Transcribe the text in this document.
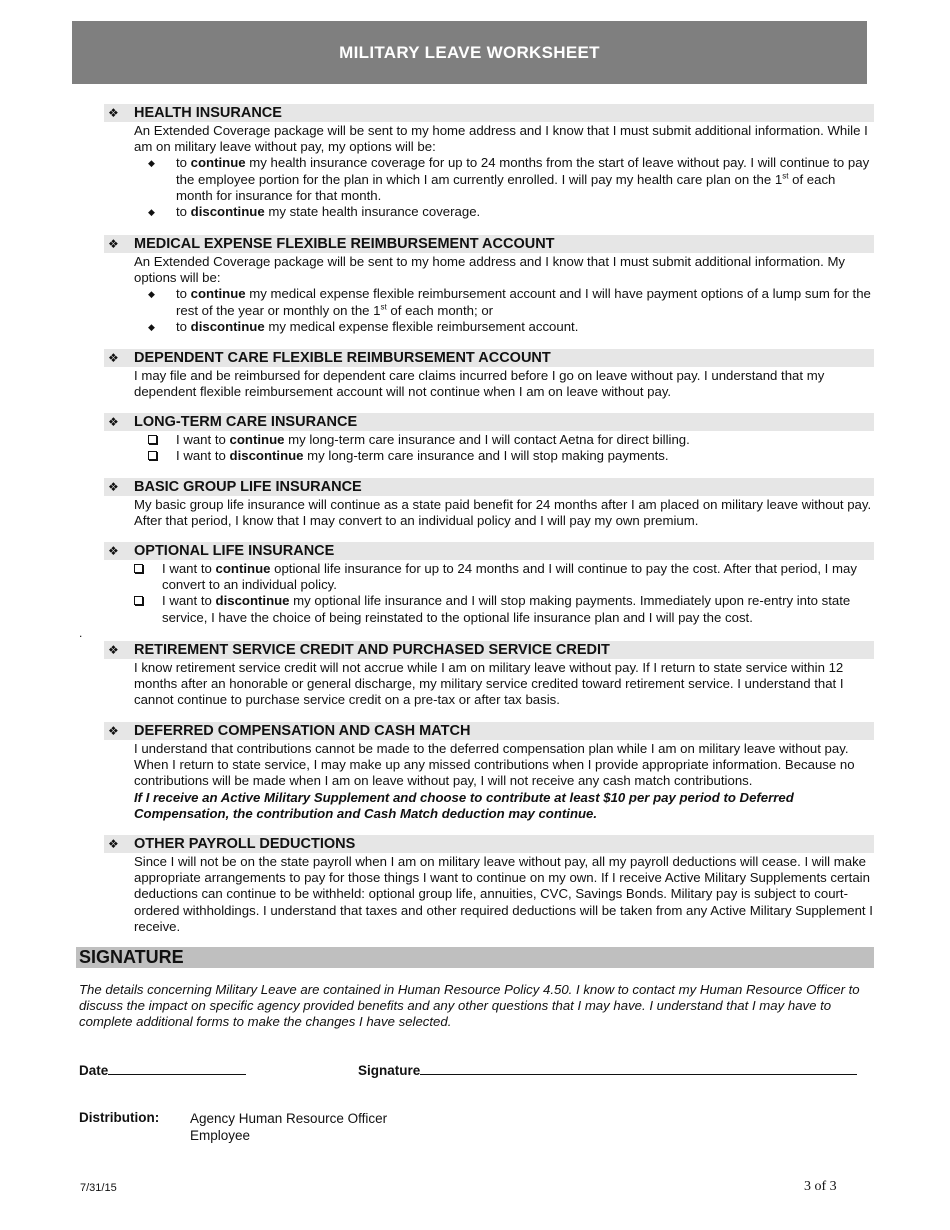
MILITARY LEAVE WORKSHEET
❖ HEALTH INSURANCE

An Extended Coverage package will be sent to my home address and I know that I must submit additional information. While I am on military leave without pay, my options will be:

◆ to continue my health insurance coverage for up to 24 months from the start of leave without pay. I will continue to pay the employee portion for the plan in which I am currently enrolled. I will pay my health care plan on the 1st of each month for insurance for that month.
◆ to discontinue my state health insurance coverage.
❖ MEDICAL EXPENSE FLEXIBLE REIMBURSEMENT ACCOUNT

An Extended Coverage package will be sent to my home address and I know that I must submit additional information. My options will be:

◆ to continue my medical expense flexible reimbursement account and I will have payment options of a lump sum for the rest of the year or monthly on the 1st of each month; or
◆ to discontinue my medical expense flexible reimbursement account.
❖ DEPENDENT CARE FLEXIBLE REIMBURSEMENT ACCOUNT

I may file and be reimbursed for dependent care claims incurred before I go on leave without pay. I understand that my dependent flexible reimbursement account will not continue when I am on leave without pay.

❖ LONG-TERM CARE INSURANCE
I want to continue my long-term care insurance and I will contact Aetna for direct billing.
I want to discontinue my long-term care insurance and I will stop making payments.
❖ BASIC GROUP LIFE INSURANCE

My basic group life insurance will continue as a state paid benefit for 24 months after I am placed on military leave without pay. After that period, I know that I may convert to an individual policy and I will pay my own premium.

❖ OPTIONAL LIFE INSURANCE
I want to continue optional life insurance for up to 24 months and I will continue to pay the cost. After that period, I may convert to an individual policy.
I want to discontinue my optional life insurance and I will stop making payments. Immediately upon re-entry into state service, I have the choice of being reinstated to the optional life insurance plan and I will pay the cost.
.
❖ RETIREMENT SERVICE CREDIT AND PURCHASED SERVICE CREDIT

I know retirement service credit will not accrue while I am on military leave without pay. If I return to state service within 12 months after an honorable or general discharge, my military service credited toward retirement service. I understand that I cannot continue to purchase service credit on a pre-tax or after tax basis.

❖ DEFERRED COMPENSATION AND CASH MATCH

I understand that contributions cannot be made to the deferred compensation plan while I am on military leave without pay. When I return to state service, I may make up any missed contributions when I provide appropriate information. Because no contributions will be made when I am on leave without pay, I will not receive any cash match contributions.

If I receive an Active Military Supplement and choose to contribute at least $10 per pay period to Deferred Compensation, the contribution and Cash Match deduction may continue.

❖ OTHER PAYROLL DEDUCTIONS

Since I will not be on the state payroll when I am on military leave without pay, all my payroll deductions will cease. I will make appropriate arrangements to pay for those things I want to continue on my own. If I receive Active Military Supplements certain deductions can continue to be withheld: optional group life, annuities, CVC, Savings Bonds. Military pay is subject to court-ordered withholdings. I understand that taxes and other required deductions will be taken from any Active Military Supplement I receive.

SIGNATURE
The details concerning Military Leave are contained in Human Resource Policy 4.50. I know to contact my Human Resource Officer to discuss the impact on specific agency provided benefits and any other questions that I may have. I understand that I may have to complete additional forms to make the changes I have selected.
Date	Signature
Distribution: Agency Human Resource Officer
Employee
7/31/15	3 of 3
